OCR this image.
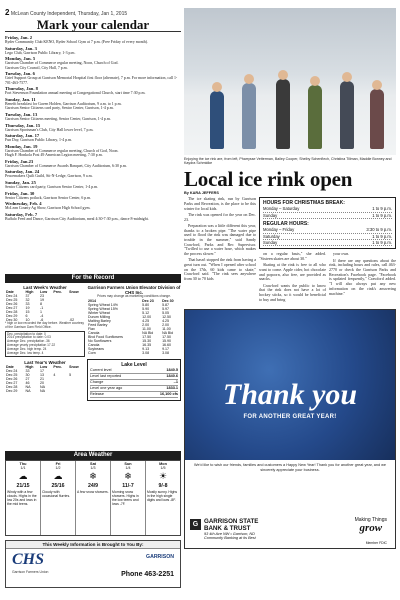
2 McLean County Independent, Thursday, Jan 1, 2015
Mark your calendar
Friday, Jan. 2
Ryder Community Club KENO, Ryder School Gym at 7 p.m. (Free Friday of every month).
Saturday, Jan. 3
Lego Club, Garrison Public Library, 1-3 p.m.
Monday, Jan. 5
Garrison Chamber of Commerce regular meeting, Noon, Church of God.
Garrison City Council, City Hall, 7 p.m.
Tuesday, Jan. 6
Grief Support Group at Garrison Memorial Hospital first floor (alternate), 7 p.m. For more information, call 1-701-463-7577.
Thursday, Jan. 8
Fort Stevenson Foundation annual meeting at Congregational Church, start time 7:30 p.m.
Sunday, Jan. 11
Benefit breakfast for Gaven Holden, Garrison Auditorium, 9 a.m. to 1 p.m.
Garrison Senior Citizens card party, Senior Center, Garrison, 1-4 p.m.
Tuesday, Jan. 13
Garrison Senior Citizens meeting, Senior Center, Garrison, 1-4 p.m.
Thursday, Jan. 15
Garrison Sportsman's Club, City Hall lower level, 7 p.m.
Saturday, Jan. 17
Fun Day, Garrison Public Library, 1-4 p.m.
Monday, Jan. 19
Garrison Chamber of Commerce regular meeting, Church of God, Noon.
Hugh F. Honkola Post 49 American Legion meeting, 7:30 p.m.
Friday, Jan.23
Garrison Chamber of Commerce Awards Banquet, City Auditorium, 6:30 p.m.
Saturday, Jan. 24
Peacemakers Quilt Guild, Sit-N-Ledge, Garrison, 9 a.m.
Sunday, Jan. 25
Senior Citizens card party, Garrison Senior Center, 1-4 p.m.
Friday, Jan. 30
Senior Citizens potluck, Garrison Senior Center, 6 p.m.
Wednesday, Feb. 4
McLean County Ag Show, Garrison High School gym.
Saturday, Feb. 7
Buffalo Feed and Dance, Garrison City Auditorium, meal 4:30-7:30 p.m., dance 8-midnight.
For the Record
Last Week's Weather
Date	High	Low	Prec.	Snow
Dec 24	37	23		
Dec 25	32	19		
Dec 26	33	8		
Dec 27	19	-1		
Dec 28	15	1		
Dec 29	6	-4		
Dec 30	10	-6		.02
* high or low recorded the day before. Weather courtesy of the Garrison Dam Field Office.
Dec. precipitation to date: 0
2014 precipitation to date: 0.03
Average Dec. precipitation .36
Average yearly precipitation 17.22
Average Dec. high temp. 24
Average Dec. low temp. 4
Last Year's Weather
Date	High	Low	Prec.	Snow
Dec 24	33	17		
Dec 25	30	13	4	5
Dec 26	27	21		
Dec 27	46	20		
Dec 28	NA	NA		
Dec 29	NA	NA		
Garrison Farmers Union Elevator Division of CHS Inc.
Prices may change as marketing conditions change.
2014	Dec 23	Dec 30
Spring Wheat 14%	5.80	5.87
Spring Wheat 15%	5.90	5.97
Winter Wheat	5.12	5.05
Durum Milling	12.00	12.50
Malting Barley	4.25	4.25
Feed Barley	2.00	2.00
Flax	11.00	11.00
Canola	NA Bid	NA Bid
Blvd Food Sunflowers	17.50	17.50
No Sunflowers	15.30	15.90
Canola	16.35	16.60
Soybeans	9.13	9.17
Corn	3.08	3.08
Lake Level
Current level	1840.5
Level last reported	1840.6
Change	-.1
Level one year ago	1833.1
Release	16,100 cfs
Area Weather
Thu
1/1
☁
21/15
Windy with a few clouds. Highs in the low 20s and lows in the mid teens.
Fri
1/2
☁
25/16
Cloudy with occasional flurries.
Sat
1/3
❄
24/9
A few snow showers.
Sun
1/4
❄
11/-7
Morning snow showers. Highs in the low teens and lows -7F.
Mon
1/5
☀
9/-8
Mostly sunny. Highs in the high single digits and lows -8F.
This Weekly Information is Brought to You By:
CHS
Garrison Farmers Union
GARRISON
Phone 463-2251
Enjoying the ice rink are, from left, Pharrysse Vetterman, Bailey Cooper, Shelby Schenflech, Christina Tillman, Maddie Bonney and Kaydra Schmidke
Local ice rink open
By KARA JEFFERS

The ice skating rink, run by Garrison Parks and Recreation, is the place to be this winter for local kids.

The rink was opened for the year on Dec. 23.

Preparation was a little different this year, thanks to a broken pipe. "The water pipe used to flood the rink was damaged due to trouble in the summer," said Sandy Crawford, Parks and Rec Supervisor. "Twilled to use a water hose, which makes the process slower."

That hasn't stopped the rink from having a great turn out. "When I opened after school on the 17th, 60 kids came to skate," Crawford said. "The rink sees anywhere from 30 to 70 kids

HOURS FOR CHRISTMAS BREAK:
Monday – Saturday	1 to 9 p.m.
Sunday	1 to 9 p.m.
REGULAR HOURS:
Monday – Friday	3:30 to 9 p.m.
Saturday	1 to 9 p.m.
Sunday	1 to 9 p.m.

on a regular basis," she added. "Sixteen skates are about 30."

Skating at the rink is free to all who want to come. Apple cider, hot chocolate and popcorn, also free, are provided as snacks.

Crawford wants the public to know that the rink does not have a lot of hockey sticks, so it would be beneficial to buy and bring

your own.

If there are any questions about the rink, including hours and rules, call 463-2770 or check the Garrison Parks and Recreation's Facebook page. "Facebook is updated frequently," Crawford added. "I will also always put any new information on the rink's answering machine."

Thank you
FOR ANOTHER GREAT YEAR!
We'd like to wish our friends, families and customers a Happy New Year! Thank you for another great year, and we sincerely appreciate your business.
G GARRISON STATE
BANK & TRUST
93 4th Ave NW • Garrison, ND
Community Banking at its Best
Making Things
grow
Member FDIC
